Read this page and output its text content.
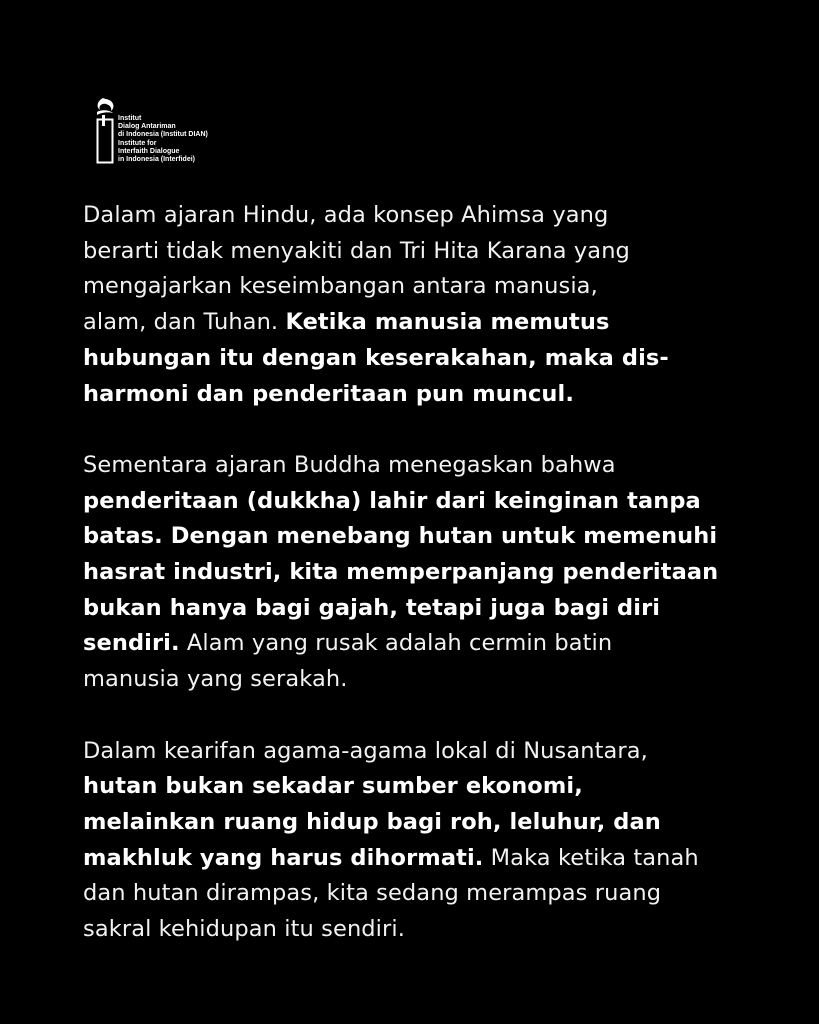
Institut
Dialog Antariman
di Indonesia (Institut DIAN)
Institute for
Interfaith Dialogue
in Indonesia (Interfidei)

Dalam ajaran Hindu, ada konsep Ahimsa yang
berarti tidak menyakiti dan Tri Hita Karana yang
mengajarkan keseimbangan antara manusia,
alam, dan Tuhan. Ketika manusia memutus
hubungan itu dengan keserakahan, maka dis-
harmoni dan penderitaan pun muncul.

Sementara ajaran Buddha menegaskan bahwa
penderitaan (dukkha) lahir dari keinginan tanpa
batas. Dengan menebang hutan untuk memenuhi
hasrat industri, kita memperpanjang penderitaan
bukan hanya bagi gajah, tetapi juga bagi diri
sendiri. Alam yang rusak adalah cermin batin
manusia yang serakah.

Dalam kearifan agama-agama lokal di Nusantara,
hutan bukan sekadar sumber ekonomi,
melainkan ruang hidup bagi roh, leluhur, dan
makhluk yang harus dihormati. Maka ketika tanah
dan hutan dirampas, kita sedang merampas ruang
sakral kehidupan itu sendiri.
